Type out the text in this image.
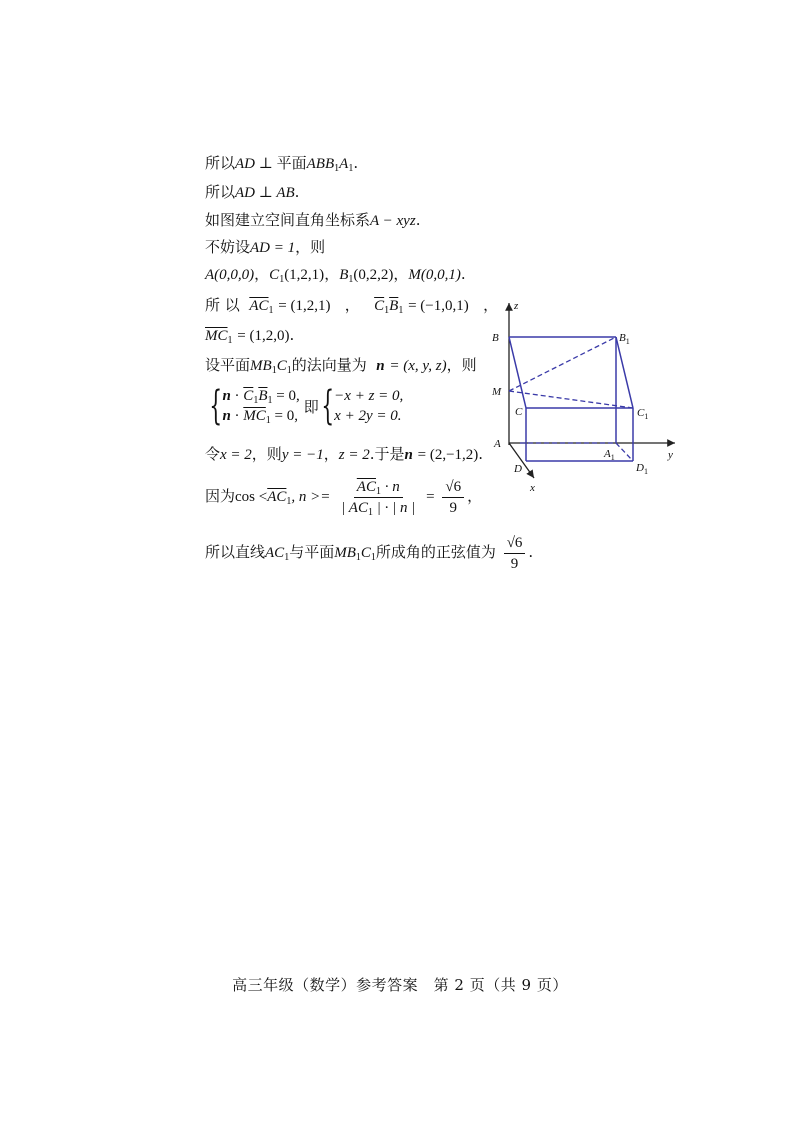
所以AD ⊥ 平面$ABB_1A_1$.
所以AD ⊥ AB.
如图建立空间直角坐标系A − xyz.
不妨设AD = 1，则
A(0,0,0)，$C_1(1,2,1)$，$B_1(0,2,2)$，M(0,0,1).
所 以 $\overline{AC}_1 = (1,2,1)$ ， $\overline{C}_1\overline{B}_1 = (-1,0,1)$ ，
$\overline{MC}_1 = (1,2,0)$.
设平面$MB_1C_1$的法向量为 n = (x, y, z)，则
{ $n \cdot \overline{C}_1\overline{B}_1 = 0$,
$n \cdot \overline{MC}_1 = 0$,
即 { −x + z = 0,
x + 2y = 0.
令x = 2，则y = −1，z = 2.于是n = (2,−1,2).
因为$\cos <\overline{AC}_1$, $n >= \frac{\overline{AC}_1 \cdot n}{| AC_1 | \cdot | n |} = \frac{√6}{9}$ ，
所以直线$AC_1$与平面$MB_1C_1$所成角的正弦值为 $\frac{√6}{9}$ .
z
y
x
B	$B_1$
M
C	$C_1$
A
$A_1$
D	$D_1$
高三年级（数学）参考答案　第 2 页（共 9 页）
